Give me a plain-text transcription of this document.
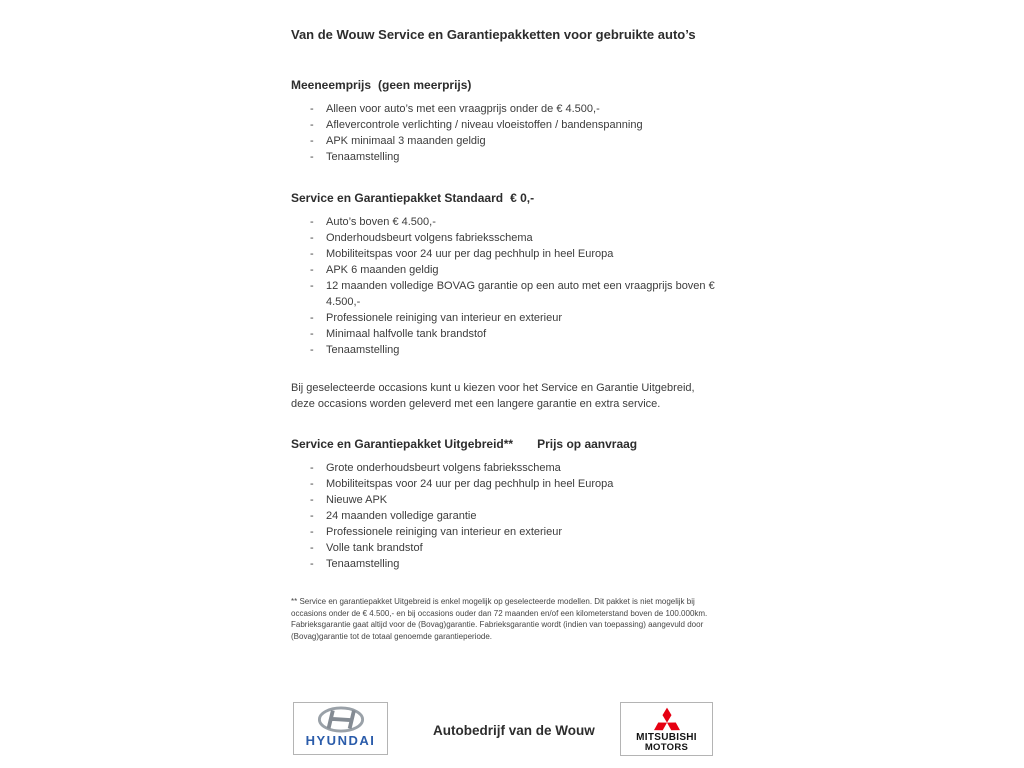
Van de Wouw Service en Garantiepakketten voor gebruikte auto’s
Meeneemprijs (geen meerprijs)
- Alleen voor auto’s met een vraagprijs onder de € 4.500,-
- Aflevercontrole verlichting / niveau vloeistoffen / bandenspanning
- APK minimaal 3 maanden geldig
- Tenaamstelling
Service en Garantiepakket Standaard € 0,-
- Auto’s boven € 4.500,-
- Onderhoudsbeurt volgens fabrieksschema
- Mobiliteitspas voor 24 uur per dag pechhulp in heel Europa
- APK 6 maanden geldig
- 12 maanden volledige BOVAG garantie op een auto met een vraagprijs boven € 4.500,-
- Professionele reiniging van interieur en exterieur
- Minimaal halfvolle tank brandstof
- Tenaamstelling

Bij geselecteerde occasions kunt u kiezen voor het Service en Garantie Uitgebreid, deze occasions worden geleverd met een langere garantie en extra service.

Service en Garantiepakket Uitgebreid** Prijs op aanvraag
- Grote onderhoudsbeurt volgens fabrieksschema
- Mobiliteitspas voor 24 uur per dag pechhulp in heel Europa
- Nieuwe APK
- 24 maanden volledige garantie
- Professionele reiniging van interieur en exterieur
- Volle tank brandstof
- Tenaamstelling

** Service en garantiepakket Uitgebreid is enkel mogelijk op geselecteerde modellen. Dit pakket is niet mogelijk bij occasions onder de € 4.500,- en bij occasions ouder dan 72 maanden en/of een kilometerstand boven de 100.000km. Fabrieksgarantie gaat altijd voor de (Bovag)garantie. Fabrieksgarantie wordt (indien van toepassing) aangevuld door (Bovag)garantie tot de totaal genoemde garantieperiode.

HYUNDAI
Autobedrijf van de Wouw	MITSUBISHI
MOTORS
